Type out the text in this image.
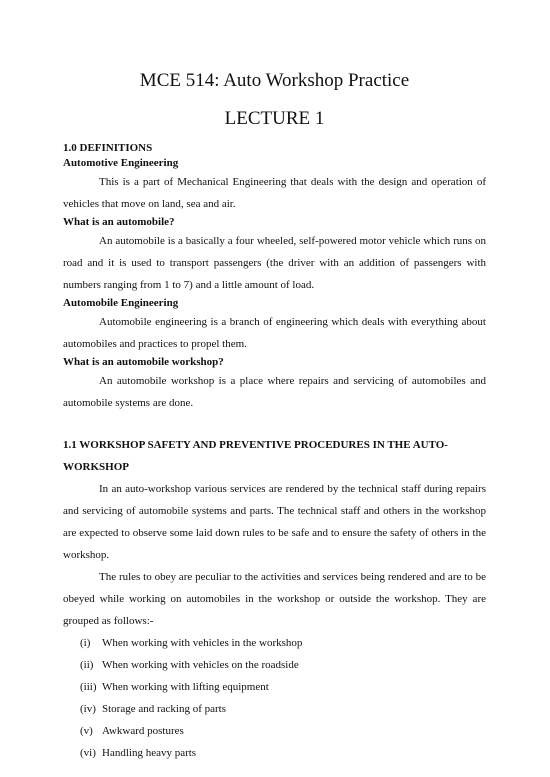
MCE 514: Auto Workshop Practice
LECTURE 1

1.0 DEFINITIONS

Automotive Engineering

This is a part of Mechanical Engineering that deals with the design and operation of vehicles that move on land, sea and air.

What is an automobile?

An automobile is a basically a four wheeled, self-powered motor vehicle which runs on road and it is used to transport passengers (the driver with an addition of passengers with numbers ranging from 1 to 7) and a little amount of load.

Automobile Engineering

Automobile engineering is a branch of engineering which deals with everything about automobiles and practices to propel them.

What is an automobile workshop?

An automobile workshop is a place where repairs and servicing of automobiles and automobile systems are done.

1.1 WORKSHOP SAFETY AND PREVENTIVE PROCEDURES IN THE AUTO-WORKSHOP

In an auto-workshop various services are rendered by the technical staff during repairs and servicing of automobile systems and parts. The technical staff and others in the workshop are expected to observe some laid down rules to be safe and to ensure the safety of others in the workshop.

The rules to obey are peculiar to the activities and services being rendered and are to be obeyed while working on automobiles in the workshop or outside the workshop. They are grouped as follows:-

(i)	When working with vehicles in the workshop
(ii) When working with vehicles on the roadside
(iii) When working with lifting equipment
(iv) Storage and racking of parts
(v) Awkward postures
(vi) Handling heavy parts
